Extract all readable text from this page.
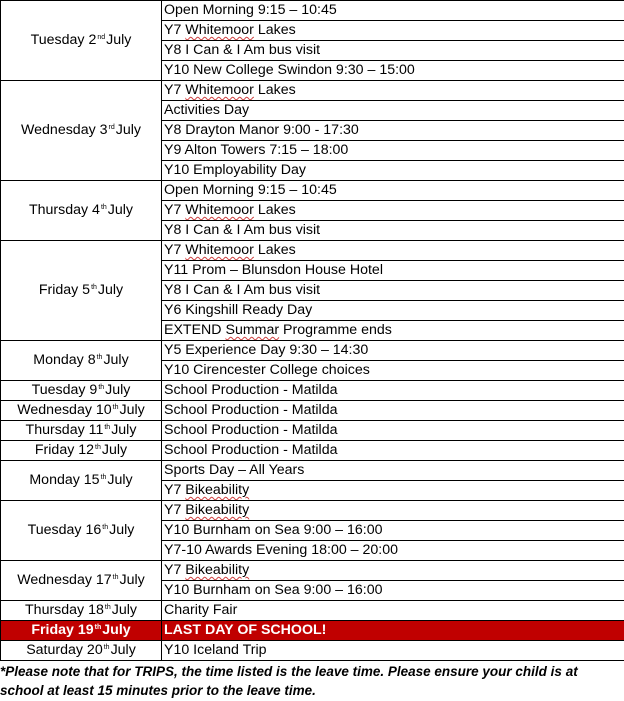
Tuesday 2ndJuly	Open Morning 9:15 – 10:45
	Y7 Whitemoor Lakes
	Y8 I Can & I Am bus visit
	Y10 New College Swindon 9:30 – 15:00
Wednesday 3rdJuly	Y7 Whitemoor Lakes
	Activities Day
	Y8 Drayton Manor 9:00 - 17:30
	Y9 Alton Towers 7:15 – 18:00
	Y10 Employability Day
Thursday 4thJuly	Open Morning 9:15 – 10:45
	Y7 Whitemoor Lakes
	Y8 I Can & I Am bus visit
Friday 5thJuly	Y7 Whitemoor Lakes
	Y11 Prom – Blunsdon House Hotel
	Y8 I Can & I Am bus visit
	Y6 Kingshill Ready Day
	EXTEND Summar Programme ends
Monday 8thJuly	Y5 Experience Day 9:30 – 14:30
	Y10 Cirencester College choices
Tuesday 9thJuly	School Production - Matilda
Wednesday 10thJuly	School Production - Matilda
Thursday 11thJuly	School Production - Matilda
Friday 12thJuly	School Production - Matilda
Monday 15thJuly	Sports Day – All Years
	Y7 Bikeability
Tuesday 16thJuly	Y7 Bikeability
	Y10 Burnham on Sea 9:00 – 16:00
	Y7-10 Awards Evening 18:00 – 20:00
Wednesday 17thJuly	Y7 Bikeability
	Y10 Burnham on Sea 9:00 – 16:00
Thursday 18thJuly	Charity Fair
Friday 19thJuly	LAST DAY OF SCHOOL!
Saturday 20thJuly	Y10 Iceland Trip
*Please note that for TRIPS, the time listed is the leave time. Please ensure your child is at school at least 15 minutes prior to the leave time.
